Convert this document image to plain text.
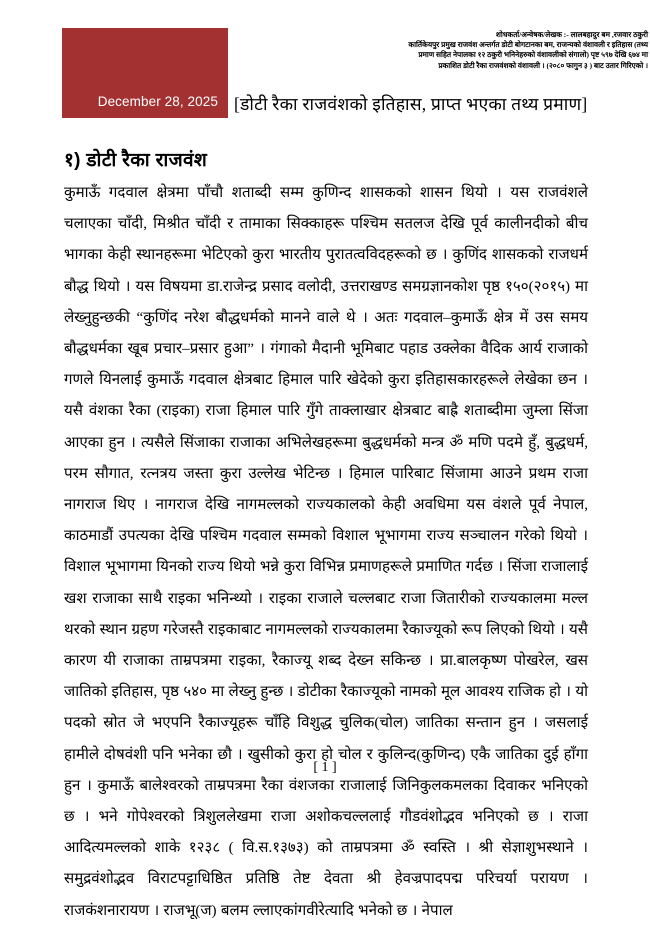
December 28, 2025
शोधकर्ता/अन्वेषक/लेखक :- लालबहादुर बम ,रजवार ठकुरी
कार्तिकेयपुर प्रमुख राजवंश अन्तर्गत डोटी बोगटानका बम, राजन्यको वंशावली र इतिहास (तथ्य
प्रमाण सहित नेपालका १२ ठकुरी भनिनेहरुको वंशावलीको संगालो) पृष्ट ५९७ देखि ६७४ मा
प्रकाशित डोटी रैका राजवंशको वंशावली । (२०८० फागुन ३ ) बाट उतार गिरिएको ।
[डोटी रैका राजवंशको इतिहास, प्राप्त भएका तथ्य प्रमाण]
१) डोटी रैका राजवंश

कुमाऊँ गदवाल क्षेत्रमा पाँचौ शताब्दी सम्म कुणिन्द शासकको शासन थियो । यस राजवंशले चलाएका चाँदी, मिश्रीत चाँदी र तामाका सिक्काहरू पश्चिम सतलज देखि पूर्व कालीनदीको बीच भागका केही स्थानहरूमा भेटिएको कुरा भारतीय पुरातत्वविदहरूको छ । कुणिंद शासकको राजधर्म बौद्ध थियो । यस विषयमा डा.राजेन्द्र प्रसाद वलोदी, उत्तराखण्ड समग्रज्ञानकोश पृष्ठ १५०(२०१५) मा लेख्नुहुन्छकी “कुणिंद नरेश बौद्धधर्मको मानने वाले थे । अतः गदवाल–कुमाऊँ क्षेत्र में उस समय बौद्धधर्मका खूब प्रचार–प्रसार हुआ” । गंगाको मैदानी भूमिबाट पहाड उक्लेका वैदिक आर्य राजाको गणले यिनलाई कुमाऊँ गदवाल क्षेत्रबाट हिमाल पारि खेदेको कुरा इतिहासकारहरूले लेखेका छन । यसै वंशका रैका (राइका) राजा हिमाल पारि गुँगे ताक्लाखार क्षेत्रबाट बाह्रै शताब्दीमा जुम्ला सिंजा आएका हुन । त्यसैले सिंजाका राजाका अभिलेखहरूमा बुद्धधर्मको मन्त्र ॐ मणि पदमे हुँ, बुद्धधर्म, परम सौगात, रत्नत्रय जस्ता कुरा उल्लेख भेटिन्छ । हिमाल पारिबाट सिंजामा आउने प्रथम राजा नागराज थिए । नागराज देखि नागमल्लको राज्यकालको केही अवधिमा यस वंशले पूर्व नेपाल, काठमाडौं उपत्यका देखि पश्चिम गदवाल सम्मको विशाल भूभागमा राज्य सञ्चालन गरेको थियो । विशाल भूभागमा यिनको राज्य थियो भन्ने कुरा विभिन्न प्रमाणहरूले प्रमाणित गर्दछ । सिंजा राजालाई खश राजाका साथै राइका भनिन्थ्यो । राइका राजाले चल्लबाट राजा जितारीको राज्यकालमा मल्ल थरको स्थान ग्रहण गरेजस्तै राइकाबाट नागमल्लको राज्यकालमा रैकाज्यूको रूप लिएको थियो । यसै कारण यी राजाका ताम्रपत्रमा राइका, रैकाज्यू शब्द देख्न सकिन्छ । प्रा.बालकृष्ण पोखरेल, खस जातिको इतिहास, पृष्ठ ५४० मा लेख्नु हुन्छ । डोटीका रैकाज्यूको नामको मूल आवश्य राजिक हो । यो पदको स्रोत जे भएपनि रैकाज्यूहरू चाँहि विशुद्ध चुलिक(चोल) जातिका सन्तान हुन । जसलाई हामीले दोषवंशी पनि भनेका छौ । खुसीको कुरा हो चोल र कुलिन्द(कुणिन्द) एकै जातिका दुई हाँगा हुन । कुमाऊँ बालेश्वरको ताम्रपत्रमा रैका वंशजका राजालाई जिनिकुलकमलका दिवाकर भनिएको छ । भने गोपेश्वरको त्रिशुललेखमा राजा अशोकचल्ललाई गौडवंशोद्भव भनिएको छ । राजा आदित्यमल्लको शाके १२३८ ( वि.स.१३७३) को ताम्रपत्रमा ॐ स्वस्ति । श्री सेज्ञाशुभस्थाने । समुद्रवंशोद्भव विराटपट्टाधिष्ठित प्रतिष्ठि तेष्ट देवता श्री हेवज्रपादपद्म परिचर्या परायण । राजकंशनारायण । राजभू(ज) बलम ल्लाएकांगवीरेत्यादि भनेको छ । नेपाल

[ 1 ]
